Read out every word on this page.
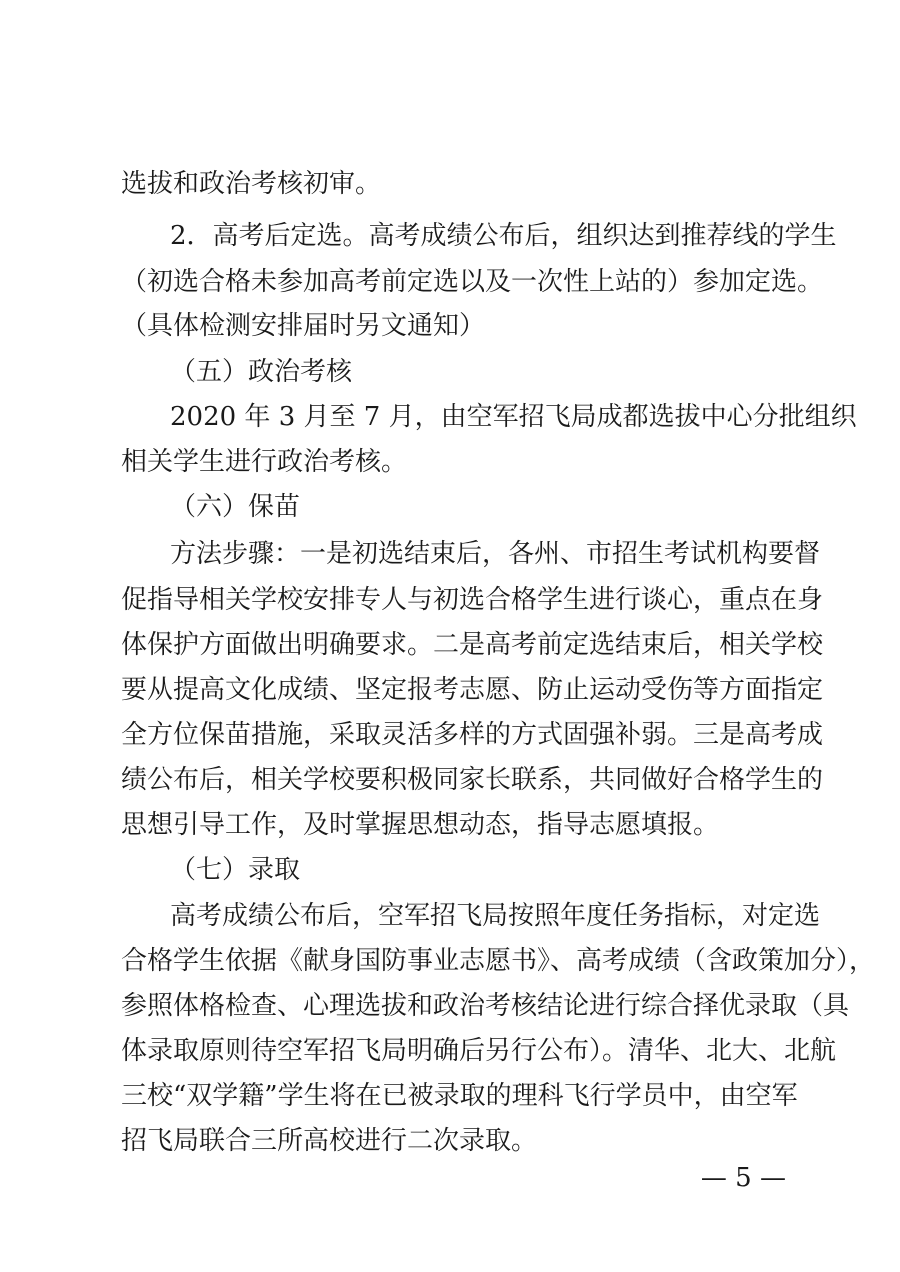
选拔和政治考核初审。
2．高考后定选。高考成绩公布后，组织达到推荐线的学生
（初选合格未参加高考前定选以及一次性上站的）参加定选。
（具体检测安排届时另文通知）
（五）政治考核
2020 年 3 月至 7 月，由空军招飞局成都选拔中心分批组织
相关学生进行政治考核。
（六）保苗
方法步骤：一是初选结束后，各州、市招生考试机构要督
促指导相关学校安排专人与初选合格学生进行谈心，重点在身
体保护方面做出明确要求。二是高考前定选结束后，相关学校
要从提高文化成绩、坚定报考志愿、防止运动受伤等方面指定
全方位保苗措施，采取灵活多样的方式固强补弱。三是高考成
绩公布后，相关学校要积极同家长联系，共同做好合格学生的
思想引导工作，及时掌握思想动态，指导志愿填报。
（七）录取
高考成绩公布后，空军招飞局按照年度任务指标，对定选
合格学生依据《献身国防事业志愿书》、高考成绩（含政策加分），
参照体格检查、心理选拔和政治考核结论进行综合择优录取（具
体录取原则待空军招飞局明确后另行公布）。清华、北大、北航
三校“双学籍”学生将在已被录取的理科飞行学员中，由空军
招飞局联合三所高校进行二次录取。
— 5 —
